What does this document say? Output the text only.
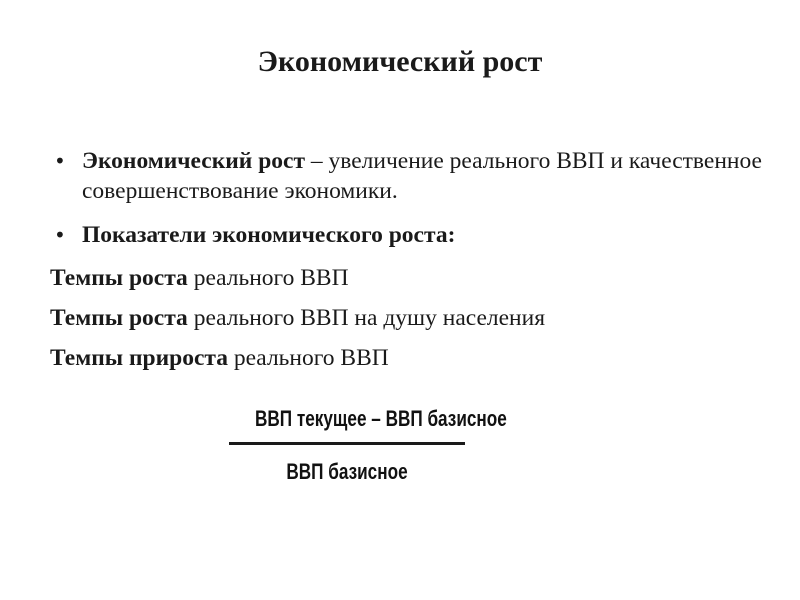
Экономический рост
• Экономический рост – увеличение реального ВВП и качественное совершенствование экономики.
• Показатели экономического роста:
Темпы роста реального ВВП
Темпы роста реального ВВП на душу населения
Темпы прироста реального ВВП
ВВП текущее – ВВП базисное
ВВП базисное
